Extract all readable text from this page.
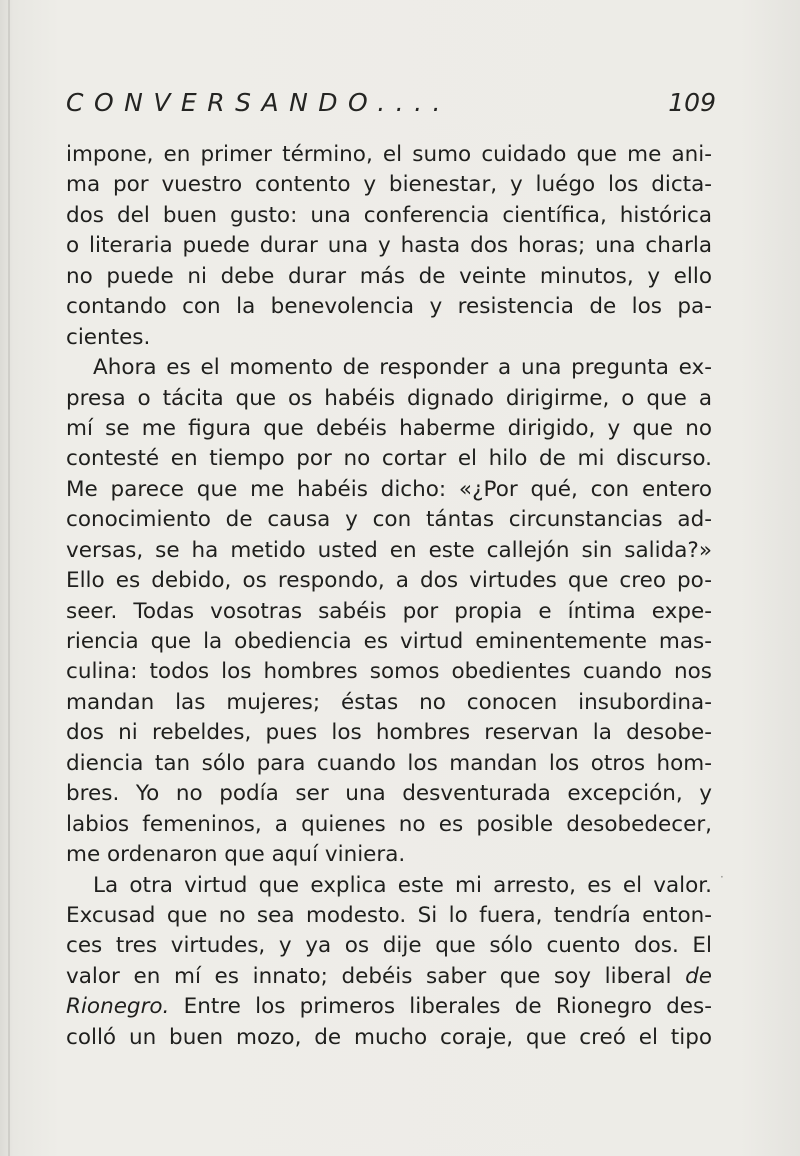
CONVERSANDO....	109
impone, en primer término, el sumo cuidado que me ani-
ma por vuestro contento y bienestar, y luégo los dicta-
dos del buen gusto: una conferencia científica, histórica
o literaria puede durar una y hasta dos horas; una charla
no puede ni debe durar más de veinte minutos, y ello
contando con la benevolencia y resistencia de los pa-
cientes.
Ahora es el momento de responder a una pregunta ex-
presa o tácita que os habéis dignado dirigirme, o que a
mí se me figura que debéis haberme dirigido, y que no
contesté en tiempo por no cortar el hilo de mi discurso.
Me parece que me habéis dicho: «¿Por qué, con entero
conocimiento de causa y con tántas circunstancias ad-
versas, se ha metido usted en este callejón sin salida?»
Ello es debido, os respondo, a dos virtudes que creo po-
seer. Todas vosotras sabéis por propia e íntima expe-
riencia que la obediencia es virtud eminentemente mas-
culina: todos los hombres somos obedientes cuando nos
mandan las mujeres; éstas no conocen insubordina-
dos ni rebeldes, pues los hombres reservan la desobe-
diencia tan sólo para cuando los mandan los otros hom-
bres. Yo no podía ser una desventurada excepción, y
labios femeninos, a quienes no es posible desobedecer,
me ordenaron que aquí viniera.
La otra virtud que explica este mi arresto, es el valor.
Excusad que no sea modesto. Si lo fuera, tendría enton-
ces tres virtudes, y ya os dije que sólo cuento dos. El
valor en mí es innato; debéis saber que soy liberal de
Rionegro. Entre los primeros liberales de Rionegro des-
colló un buen mozo, de mucho coraje, que creó el tipo
·
